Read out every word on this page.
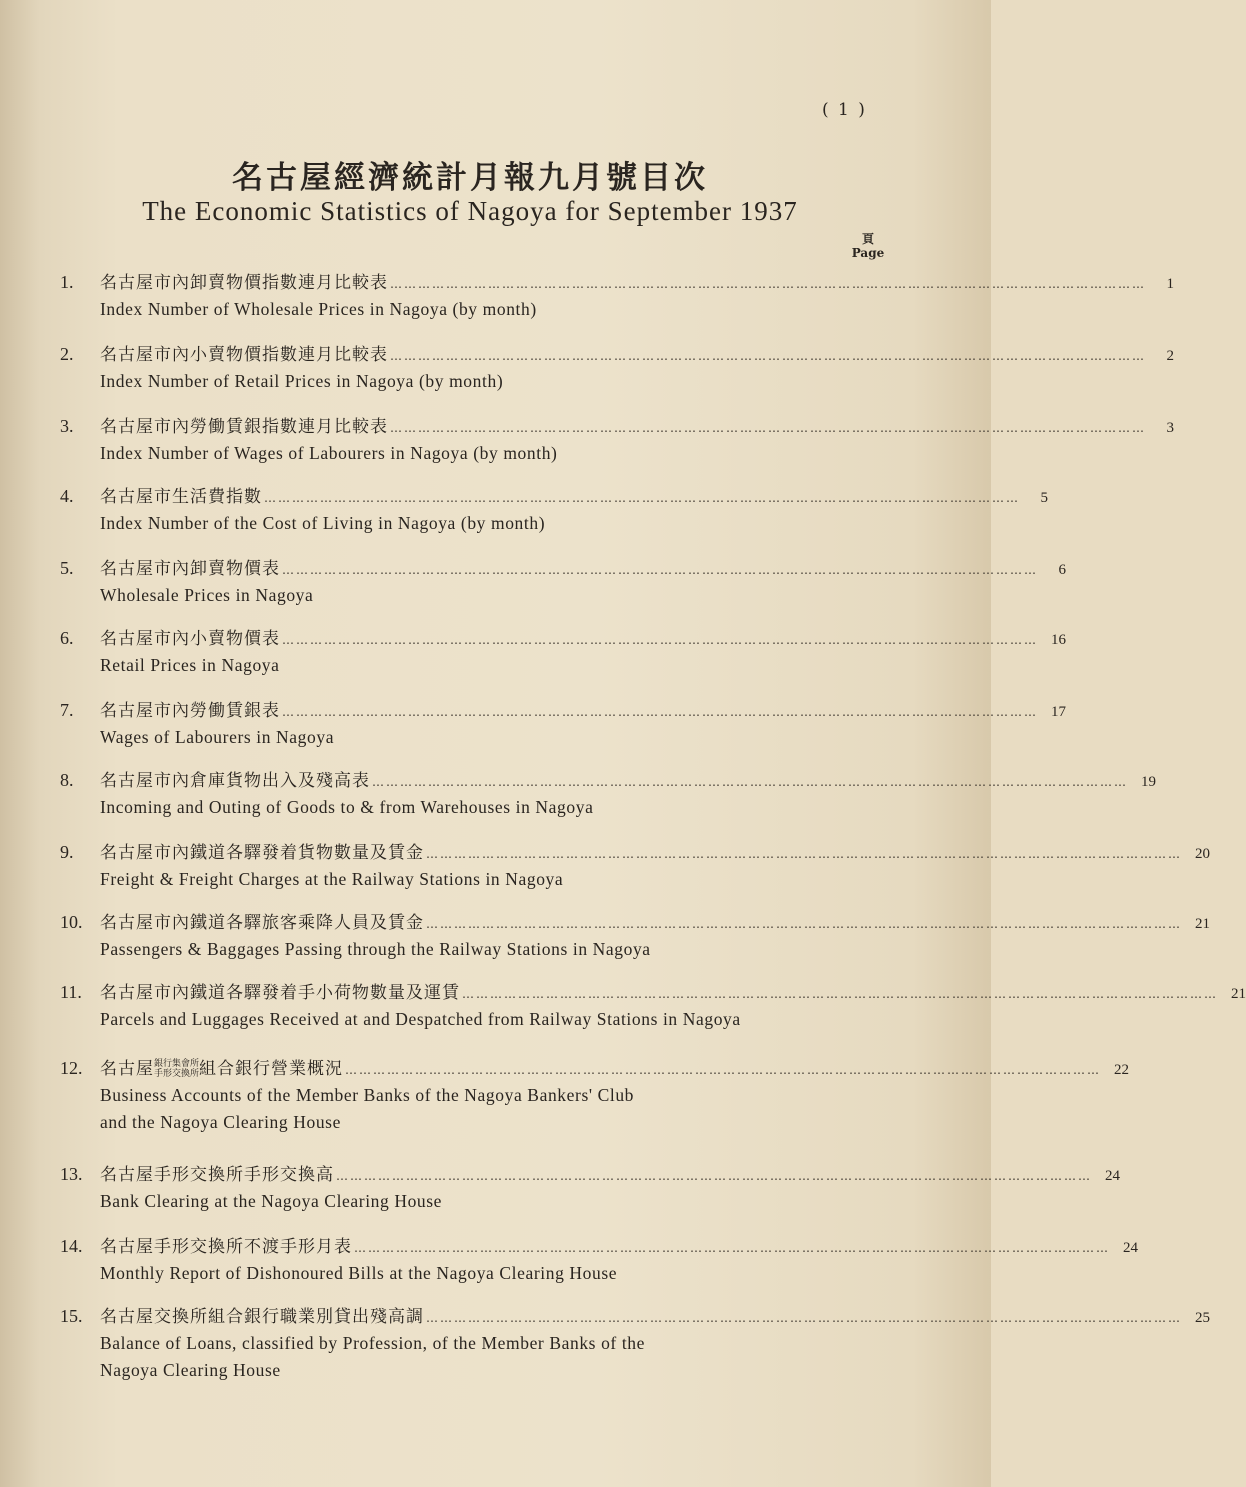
( 1 )
名古屋經濟統計月報九月號目次
The Economic Statistics of Nagoya for September 1937
頁
Page
1.	名古屋市內卸賣物價指數連月比較表 ………………………………………………………………………………………………………………………………………………	1
Index Number of Wholesale Prices in Nagoya (by month)
2.	名古屋市內小賣物價指數連月比較表 ………………………………………………………………………………………………………………………………………………	2
Index Number of Retail Prices in Nagoya (by month)
3.	名古屋市內勞働賃銀指數連月比較表 ………………………………………………………………………………………………………………………………………………	3
Index Number of Wages of Labourers in Nagoya (by month)
4.	名古屋市生活費指數 ………………………………………………………………………………………………………………………………………………	5
Index Number of the Cost of Living in Nagoya (by month)
5.	名古屋市內卸賣物價表 ………………………………………………………………………………………………………………………………………………	6
Wholesale Prices in Nagoya
6.	名古屋市內小賣物價表 ……………………………………………………………………………………………………………………………………………… 16
Retail Prices in Nagoya
7.	名古屋市內勞働賃銀表 ……………………………………………………………………………………………………………………………………………… 17
Wages of Labourers in Nagoya
8.	名古屋市內倉庫貨物出入及殘高表 ……………………………………………………………………………………………………………………………………………… 19
Incoming and Outing of Goods to & from Warehouses in Nagoya
9.	名古屋市內鐵道各驛發着貨物數量及賃金 ……………………………………………………………………………………………………………………………………………… 20
Freight & Freight Charges at the Railway Stations in Nagoya
10.	名古屋市內鐵道各驛旅客乘降人員及賃金 ……………………………………………………………………………………………………………………………………………… 21
Passengers & Baggages Passing through the Railway Stations in Nagoya
11.	名古屋市內鐵道各驛發着手小荷物數量及運賃 ……………………………………………………………………………………………………………………………………………… 21
Parcels and Luggages Received at and Despatched from Railway Stations in Nagoya
12.	名古屋 銀行集會所
手形交換所 組合銀行營業概況 ……………………………………………………………………………………………………………………………………………… 22
Business Accounts of the Member Banks of the Nagoya Bankers' Club
and the Nagoya Clearing House
13.	名古屋手形交換所手形交換高 ……………………………………………………………………………………………………………………………………………… 24
Bank Clearing at the Nagoya Clearing House
14.	名古屋手形交換所不渡手形月表 ……………………………………………………………………………………………………………………………………………… 24
Monthly Report of Dishonoured Bills at the Nagoya Clearing House
15.	名古屋交換所組合銀行職業別貸出殘高調 ……………………………………………………………………………………………………………………………………………… 25
Balance of Loans, classified by Profession, of the Member Banks of the
Nagoya Clearing House
